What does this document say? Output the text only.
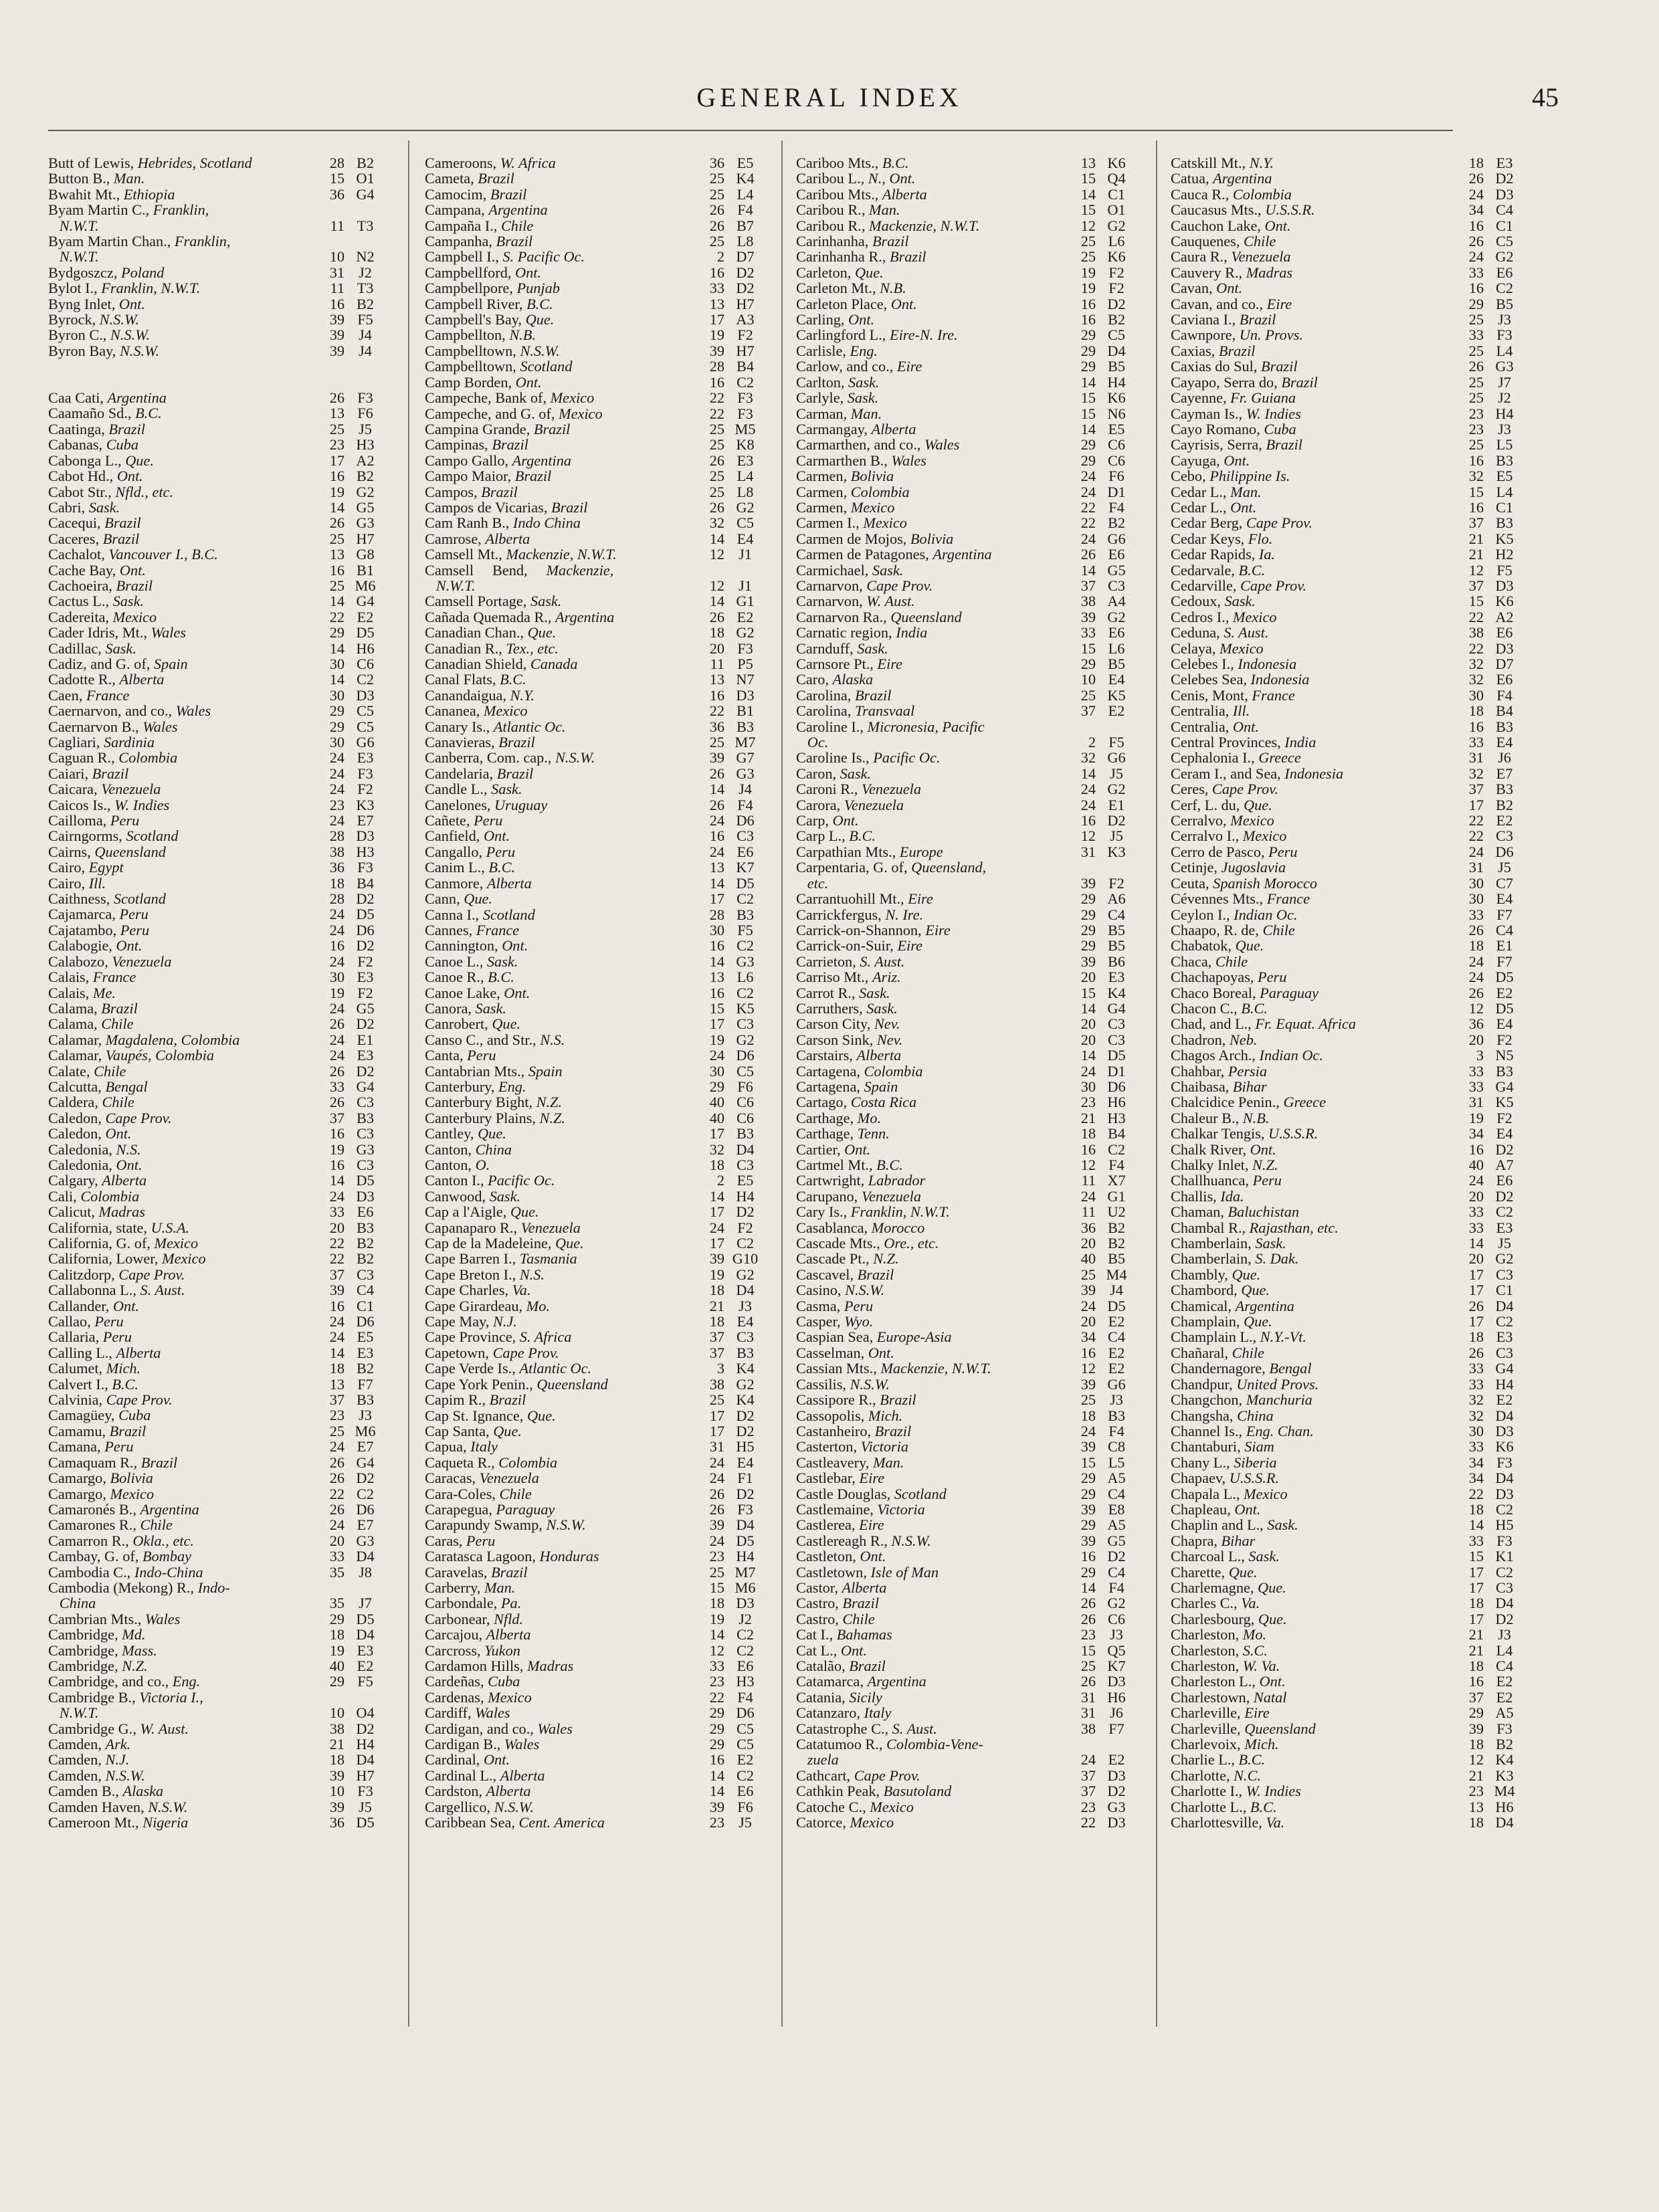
GENERAL INDEX	45
Butt of Lewis, Hebrides, Scotland	28 B2
Button B., Man.	15 O1
Bwahit Mt., Ethiopia	36 G4
Byam Martin C., Franklin,
N.W.T.	11 T3
Byam Martin Chan., Franklin,
N.W.T.	10 N2
Bydgoszcz, Poland	31 J2
Bylot I., Franklin, N.W.T.	11 T3
Byng Inlet, Ont.	16 B2
Byrock, N.S.W.	39 F5
Byron C., N.S.W.	39 J4
Byron Bay, N.S.W.	39 J4
Caa Cati, Argentina	26 F3
Caamaño Sd., B.C.	13 F6
Caatinga, Brazil	25 J5
Cabanas, Cuba	23 H3
Cabonga L., Que.	17 A2
Cabot Hd., Ont.	16 B2
Cabot Str., Nfld., etc.	19 G2
Cabri, Sask.	14 G5
Cacequi, Brazil	26 G3
Caceres, Brazil	25 H7
Cachalot, Vancouver I., B.C.	13 G8
Cache Bay, Ont.	16 B1
Cachoeira, Brazil	25 M6
Cactus L., Sask.	14 G4
Cadereita, Mexico	22 E2
Cader Idris, Mt., Wales	29 D5
Cadillac, Sask.	14 H6
Cadiz, and G. of, Spain	30 C6
Cadotte R., Alberta	14 C2
Caen, France	30 D3
Caernarvon, and co., Wales	29 C5
Caernarvon B., Wales	29 C5
Cagliari, Sardinia	30 G6
Caguan R., Colombia	24 E3
Caiari, Brazil	24 F3
Caicara, Venezuela	24 F2
Caicos Is., W. Indies	23 K3
Cailloma, Peru	24 E7
Cairngorms, Scotland	28 D3
Cairns, Queensland	38 H3
Cairo, Egypt	36 F3
Cairo, Ill.	18 B4
Caithness, Scotland	28 D2
Cajamarca, Peru	24 D5
Cajatambo, Peru	24 D6
Calabogie, Ont.	16 D2
Calabozo, Venezuela	24 F2
Calais, France	30 E3
Calais, Me.	19 F2
Calama, Brazil	24 G5
Calama, Chile	26 D2
Calamar, Magdalena, Colombia	24 E1
Calamar, Vaupés, Colombia	24 E3
Calate, Chile	26 D2
Calcutta, Bengal	33 G4
Caldera, Chile	26 C3
Caledon, Cape Prov.	37 B3
Caledon, Ont.	16 C3
Caledonia, N.S.	19 G3
Caledonia, Ont.	16 C3
Calgary, Alberta	14 D5
Cali, Colombia	24 D3
Calicut, Madras	33 E6
California, state, U.S.A.	20 B3
California, G. of, Mexico	22 B2
California, Lower, Mexico	22 B2
Calitzdorp, Cape Prov.	37 C3
Callabonna L., S. Aust.	39 C4
Callander, Ont.	16 C1
Callao, Peru	24 D6
Callaria, Peru	24 E5
Calling L., Alberta	14 E3
Calumet, Mich.	18 B2
Calvert I., B.C.	13 F7
Calvinia, Cape Prov.	37 B3
Camagüey, Cuba	23 J3
Camamu, Brazil	25 M6
Camana, Peru	24 E7
Camaquam R., Brazil	26 G4
Camargo, Bolivia	26 D2
Camargo, Mexico	22 C2
Camaronés B., Argentina	26 D6
Camarones R., Chile	24 E7
Camarron R., Okla., etc.	20 G3
Cambay, G. of, Bombay	33 D4
Cambodia C., Indo-China	35 J8
Cambodia (Mekong) R., Indo-
China	35 J7
Cambrian Mts., Wales	29 D5
Cambridge, Md.	18 D4
Cambridge, Mass.	19 E3
Cambridge, N.Z.	40 E2
Cambridge, and co., Eng.	29 F5
Cambridge B., Victoria I.,
N.W.T.	10 O4
Cambridge G., W. Aust.	38 D2
Camden, Ark.	21 H4
Camden, N.J.	18 D4
Camden, N.S.W.	39 H7
Camden B., Alaska	10 F3
Camden Haven, N.S.W.	39 J5
Cameroon Mt., Nigeria	36 D5
Cameroons, W. Africa	36 E5
Cameta, Brazil	25 K4
Camocim, Brazil	25 L4
Campana, Argentina	26 F4
Campaña I., Chile	26 B7
Campanha, Brazil	25 L8
Campbell I., S. Pacific Oc.	2 D7
Campbellford, Ont.	16 D2
Campbellpore, Punjab	33 D2
Campbell River, B.C.	13 H7
Campbell's Bay, Que.	17 A3
Campbellton, N.B.	19 F2
Campbelltown, N.S.W.	39 H7
Campbelltown, Scotland	28 B4
Camp Borden, Ont.	16 C2
Campeche, Bank of, Mexico	22 F3
Campeche, and G. of, Mexico	22 F3
Campina Grande, Brazil	25 M5
Campinas, Brazil	25 K8
Campo Gallo, Argentina	26 E3
Campo Maior, Brazil	25 L4
Campos, Brazil	25 L8
Campos de Vicarias, Brazil	26 G2
Cam Ranh B., Indo China	32 C5
Camrose, Alberta	14 E4
Camsell Mt., Mackenzie, N.W.T.	12 J1
Camsell     Bend,     Mackenzie,
N.W.T.	12 J1
Camsell Portage, Sask.	14 G1
Cañada Quemada R., Argentina	26 E2
Canadian Chan., Que.	18 G2
Canadian R., Tex., etc.	20 F3
Canadian Shield, Canada	11 P5
Canal Flats, B.C.	13 N7
Canandaigua, N.Y.	16 D3
Cananea, Mexico	22 B1
Canary Is., Atlantic Oc.	36 B3
Canavieras, Brazil	25 M7
Canberra, Com. cap., N.S.W.	39 G7
Candelaria, Brazil	26 G3
Candle L., Sask.	14 J4
Canelones, Uruguay	26 F4
Cañete, Peru	24 D6
Canfield, Ont.	16 C3
Cangallo, Peru	24 E6
Canim L., B.C.	13 K7
Canmore, Alberta	14 D5
Cann, Que.	17 C2
Canna I., Scotland	28 B3
Cannes, France	30 F5
Cannington, Ont.	16 C2
Canoe L., Sask.	14 G3
Canoe R., B.C.	13 L6
Canoe Lake, Ont.	16 C2
Canora, Sask.	15 K5
Canrobert, Que.	17 C3
Canso C., and Str., N.S.	19 G2
Canta, Peru	24 D6
Cantabrian Mts., Spain	30 C5
Canterbury, Eng.	29 F6
Canterbury Bight, N.Z.	40 C6
Canterbury Plains, N.Z.	40 C6
Cantley, Que.	17 B3
Canton, China	32 D4
Canton, O.	18 C3
Canton I., Pacific Oc.	2 E5
Canwood, Sask.	14 H4
Cap a l'Aigle, Que.	17 D2
Capanaparo R., Venezuela	24 F2
Cap de la Madeleine, Que.	17 C2
Cape Barren I., Tasmania	39 G10
Cape Breton I., N.S.	19 G2
Cape Charles, Va.	18 D4
Cape Girardeau, Mo.	21 J3
Cape May, N.J.	18 E4
Cape Province, S. Africa	37 C3
Capetown, Cape Prov.	37 B3
Cape Verde Is., Atlantic Oc.	3 K4
Cape York Penin., Queensland	38 G2
Capim R., Brazil	25 K4
Cap St. Ignance, Que.	17 D2
Cap Santa, Que.	17 D2
Capua, Italy	31 H5
Caqueta R., Colombia	24 E4
Caracas, Venezuela	24 F1
Cara-Coles, Chile	26 D2
Carapegua, Paraguay	26 F3
Carapundy Swamp, N.S.W.	39 D4
Caras, Peru	24 D5
Caratasca Lagoon, Honduras	23 H4
Caravelas, Brazil	25 M7
Carberry, Man.	15 M6
Carbondale, Pa.	18 D3
Carbonear, Nfld.	19 J2
Carcajou, Alberta	14 C2
Carcross, Yukon	12 C2
Cardamon Hills, Madras	33 E6
Cardeñas, Cuba	23 H3
Cardenas, Mexico	22 F4
Cardiff, Wales	29 D6
Cardigan, and co., Wales	29 C5
Cardigan B., Wales	29 C5
Cardinal, Ont.	16 E2
Cardinal L., Alberta	14 C2
Cardston, Alberta	14 E6
Cargellico, N.S.W.	39 F6
Caribbean Sea, Cent. America	23 J5
Cariboo Mts., B.C.	13 K6
Caribou L., N., Ont.	15 Q4
Caribou Mts., Alberta	14 C1
Caribou R., Man.	15 O1
Caribou R., Mackenzie, N.W.T.	12 G2
Carinhanha, Brazil	25 L6
Carinhanha R., Brazil	25 K6
Carleton, Que.	19 F2
Carleton Mt., N.B.	19 F2
Carleton Place, Ont.	16 D2
Carling, Ont.	16 B2
Carlingford L., Eire-N. Ire.	29 C5
Carlisle, Eng.	29 D4
Carlow, and co., Eire	29 B5
Carlton, Sask.	14 H4
Carlyle, Sask.	15 K6
Carman, Man.	15 N6
Carmangay, Alberta	14 E5
Carmarthen, and co., Wales	29 C6
Carmarthen B., Wales	29 C6
Carmen, Bolivia	24 F6
Carmen, Colombia	24 D1
Carmen, Mexico	22 F4
Carmen I., Mexico	22 B2
Carmen de Mojos, Bolivia	24 G6
Carmen de Patagones, Argentina	26 E6
Carmichael, Sask.	14 G5
Carnarvon, Cape Prov.	37 C3
Carnarvon, W. Aust.	38 A4
Carnarvon Ra., Queensland	39 G2
Carnatic region, India	33 E6
Carnduff, Sask.	15 L6
Carnsore Pt., Eire	29 B5
Caro, Alaska	10 E4
Carolina, Brazil	25 K5
Carolina, Transvaal	37 E2
Caroline I., Micronesia, Pacific
Oc.	2 F5
Caroline Is., Pacific Oc.	32 G6
Caron, Sask.	14 J5
Caroni R., Venezuela	24 G2
Carora, Venezuela	24 E1
Carp, Ont.	16 D2
Carp L., B.C.	12 J5
Carpathian Mts., Europe	31 K3
Carpentaria, G. of, Queensland,
etc.	39 F2
Carrantuohill Mt., Eire	29 A6
Carrickfergus, N. Ire.	29 C4
Carrick-on-Shannon, Eire	29 B5
Carrick-on-Suir, Eire	29 B5
Carrieton, S. Aust.	39 B6
Carriso Mt., Ariz.	20 E3
Carrot R., Sask.	15 K4
Carruthers, Sask.	14 G4
Carson City, Nev.	20 C3
Carson Sink, Nev.	20 C3
Carstairs, Alberta	14 D5
Cartagena, Colombia	24 D1
Cartagena, Spain	30 D6
Cartago, Costa Rica	23 H6
Carthage, Mo.	21 H3
Carthage, Tenn.	18 B4
Cartier, Ont.	16 C2
Cartmel Mt., B.C.	12 F4
Cartwright, Labrador	11 X7
Carupano, Venezuela	24 G1
Cary Is., Franklin, N.W.T.	11 U2
Casablanca, Morocco	36 B2
Cascade Mts., Ore., etc.	20 B2
Cascade Pt., N.Z.	40 B5
Cascavel, Brazil	25 M4
Casino, N.S.W.	39 J4
Casma, Peru	24 D5
Casper, Wyo.	20 E2
Caspian Sea, Europe-Asia	34 C4
Casselman, Ont.	16 E2
Cassian Mts., Mackenzie, N.W.T.	12 E2
Cassilis, N.S.W.	39 G6
Cassipore R., Brazil	25 J3
Cassopolis, Mich.	18 B3
Castanheiro, Brazil	24 F4
Casterton, Victoria	39 C8
Castleavery, Man.	15 L5
Castlebar, Eire	29 A5
Castle Douglas, Scotland	29 C4
Castlemaine, Victoria	39 E8
Castlerea, Eire	29 A5
Castlereagh R., N.S.W.	39 G5
Castleton, Ont.	16 D2
Castletown, Isle of Man	29 C4
Castor, Alberta	14 F4
Castro, Brazil	26 G2
Castro, Chile	26 C6
Cat I., Bahamas	23 J3
Cat L., Ont.	15 Q5
Catalão, Brazil	25 K7
Catamarca, Argentina	26 D3
Catania, Sicily	31 H6
Catanzaro, Italy	31 J6
Catastrophe C., S. Aust.	38 F7
Catatumoo R., Colombia-Vene-
zuela	24 E2
Cathcart, Cape Prov.	37 D3
Cathkin Peak, Basutoland	37 D2
Catoche C., Mexico	23 G3
Catorce, Mexico	22 D3
Catskill Mt., N.Y.	18 E3
Catua, Argentina	26 D2
Cauca R., Colombia	24 D3
Caucasus Mts., U.S.S.R.	34 C4
Cauchon Lake, Ont.	16 C1
Cauquenes, Chile	26 C5
Caura R., Venezuela	24 G2
Cauvery R., Madras	33 E6
Cavan, Ont.	16 C2
Cavan, and co., Eire	29 B5
Caviana I., Brazil	25 J3
Cawnpore, Un. Provs.	33 F3
Caxias, Brazil	25 L4
Caxias do Sul, Brazil	26 G3
Cayapo, Serra do, Brazil	25 J7
Cayenne, Fr. Guiana	25 J2
Cayman Is., W. Indies	23 H4
Cayo Romano, Cuba	23 J3
Cayrisis, Serra, Brazil	25 L5
Cayuga, Ont.	16 B3
Cebo, Philippine Is.	32 E5
Cedar L., Man.	15 L4
Cedar L., Ont.	16 C1
Cedar Berg, Cape Prov.	37 B3
Cedar Keys, Flo.	21 K5
Cedar Rapids, Ia.	21 H2
Cedarvale, B.C.	12 F5
Cedarville, Cape Prov.	37 D3
Cedoux, Sask.	15 K6
Cedros I., Mexico	22 A2
Ceduna, S. Aust.	38 E6
Celaya, Mexico	22 D3
Celebes I., Indonesia	32 D7
Celebes Sea, Indonesia	32 E6
Cenis, Mont, France	30 F4
Centralia, Ill.	18 B4
Centralia, Ont.	16 B3
Central Provinces, India	33 E4
Cephalonia I., Greece	31 J6
Ceram I., and Sea, Indonesia	32 E7
Ceres, Cape Prov.	37 B3
Cerf, L. du, Que.	17 B2
Cerralvo, Mexico	22 E2
Cerralvo I., Mexico	22 C3
Cerro de Pasco, Peru	24 D6
Cetinje, Jugoslavia	31 J5
Ceuta, Spanish Morocco	30 C7
Cévennes Mts., France	30 E4
Ceylon I., Indian Oc.	33 F7
Chaapo, R. de, Chile	26 C4
Chabatok, Que.	18 E1
Chaca, Chile	24 F7
Chachapoyas, Peru	24 D5
Chaco Boreal, Paraguay	26 E2
Chacon C., B.C.	12 D5
Chad, and L., Fr. Equat. Africa	36 E4
Chadron, Neb.	20 F2
Chagos Arch., Indian Oc.	3 N5
Chahbar, Persia	33 B3
Chaibasa, Bihar	33 G4
Chalcidice Penin., Greece	31 K5
Chaleur B., N.B.	19 F2
Chalkar Tengis, U.S.S.R.	34 E4
Chalk River, Ont.	16 D2
Chalky Inlet, N.Z.	40 A7
Challhuanca, Peru	24 E6
Challis, Ida.	20 D2
Chaman, Baluchistan	33 C2
Chambal R., Rajasthan, etc.	33 E3
Chamberlain, Sask.	14 J5
Chamberlain, S. Dak.	20 G2
Chambly, Que.	17 C3
Chambord, Que.	17 C1
Chamical, Argentina	26 D4
Champlain, Que.	17 C2
Champlain L., N.Y.-Vt.	18 E3
Chañaral, Chile	26 C3
Chandernagore, Bengal	33 G4
Chandpur, United Provs.	33 H4
Changchon, Manchuria	32 E2
Changsha, China	32 D4
Channel Is., Eng. Chan.	30 D3
Chantaburi, Siam	33 K6
Chany L., Siberia	34 F3
Chapaev, U.S.S.R.	34 D4
Chapala L., Mexico	22 D3
Chapleau, Ont.	18 C2
Chaplin and L., Sask.	14 H5
Chapra, Bihar	33 F3
Charcoal L., Sask.	15 K1
Charette, Que.	17 C2
Charlemagne, Que.	17 C3
Charles C., Va.	18 D4
Charlesbourg, Que.	17 D2
Charleston, Mo.	21 J3
Charleston, S.C.	21 L4
Charleston, W. Va.	18 C4
Charleston L., Ont.	16 E2
Charlestown, Natal	37 E2
Charleville, Eire	29 A5
Charleville, Queensland	39 F3
Charlevoix, Mich.	18 B2
Charlie L., B.C.	12 K4
Charlotte, N.C.	21 K3
Charlotte I., W. Indies	23 M4
Charlotte L., B.C.	13 H6
Charlottesville, Va.	18 D4
